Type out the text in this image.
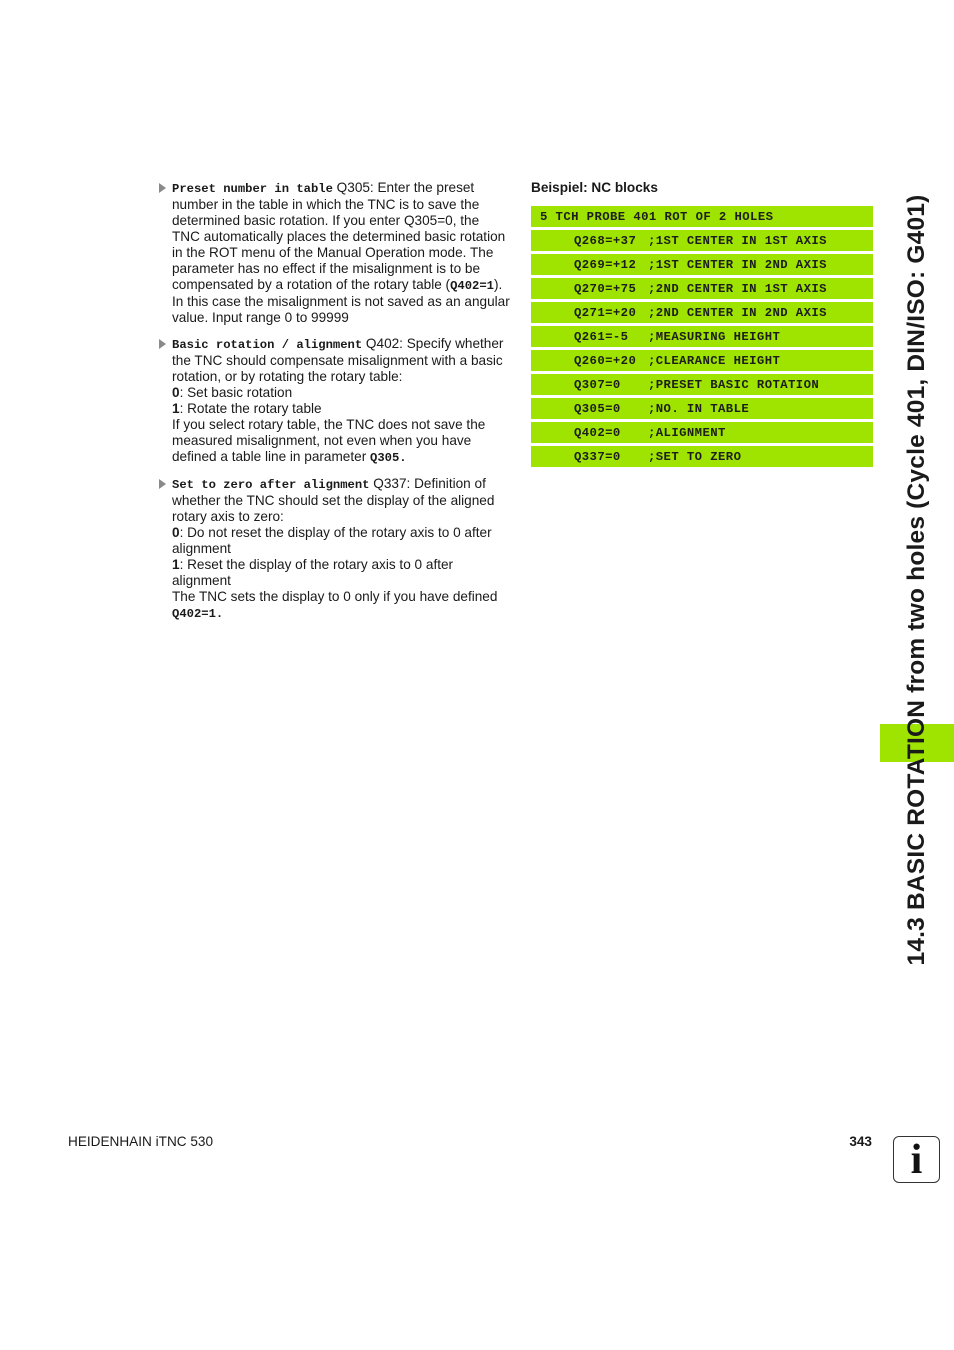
Preset number in table Q305: Enter the preset number in the table in which the TNC is to save the determined basic rotation. If you enter Q305=0, the TNC automatically places the determined basic rotation in the ROT menu of the Manual Operation mode. The parameter has no effect if the misalignment is to be compensated by a rotation of the rotary table (Q402=1). In this case the misalignment is not saved as an angular value. Input range 0 to 99999
Basic rotation / alignment Q402: Specify whether the TNC should compensate misalignment with a basic rotation, or by rotating the rotary table:
0: Set basic rotation
1: Rotate the rotary table
If you select rotary table, the TNC does not save the measured misalignment, not even when you have defined a table line in parameter Q305.
Set to zero after alignment Q337: Definition of whether the TNC should set the display of the aligned rotary axis to zero:
0: Do not reset the display of the rotary axis to 0 after alignment
1: Reset the display of the rotary axis to 0 after alignment
The TNC sets the display to 0 only if you have defined
Q402=1.
Beispiel: NC blocks
5 TCH PROBE 401 ROT OF 2 HOLES
Q268=+37 ;1ST CENTER IN 1ST AXIS
Q269=+12 ;1ST CENTER IN 2ND AXIS
Q270=+75 ;2ND CENTER IN 1ST AXIS
Q271=+20 ;2ND CENTER IN 2ND AXIS
Q261=-5	;MEASURING HEIGHT
Q260=+20 ;CLEARANCE HEIGHT
Q307=0	;PRESET BASIC ROTATION
Q305=0	;NO. IN TABLE
Q402=0	;ALIGNMENT
Q337=0	;SET TO ZERO	14.3 BASIC ROTATION from two holes (Cycle 401, DIN/ISO: G401)
HEIDENHAIN iTNC 530	343 i
